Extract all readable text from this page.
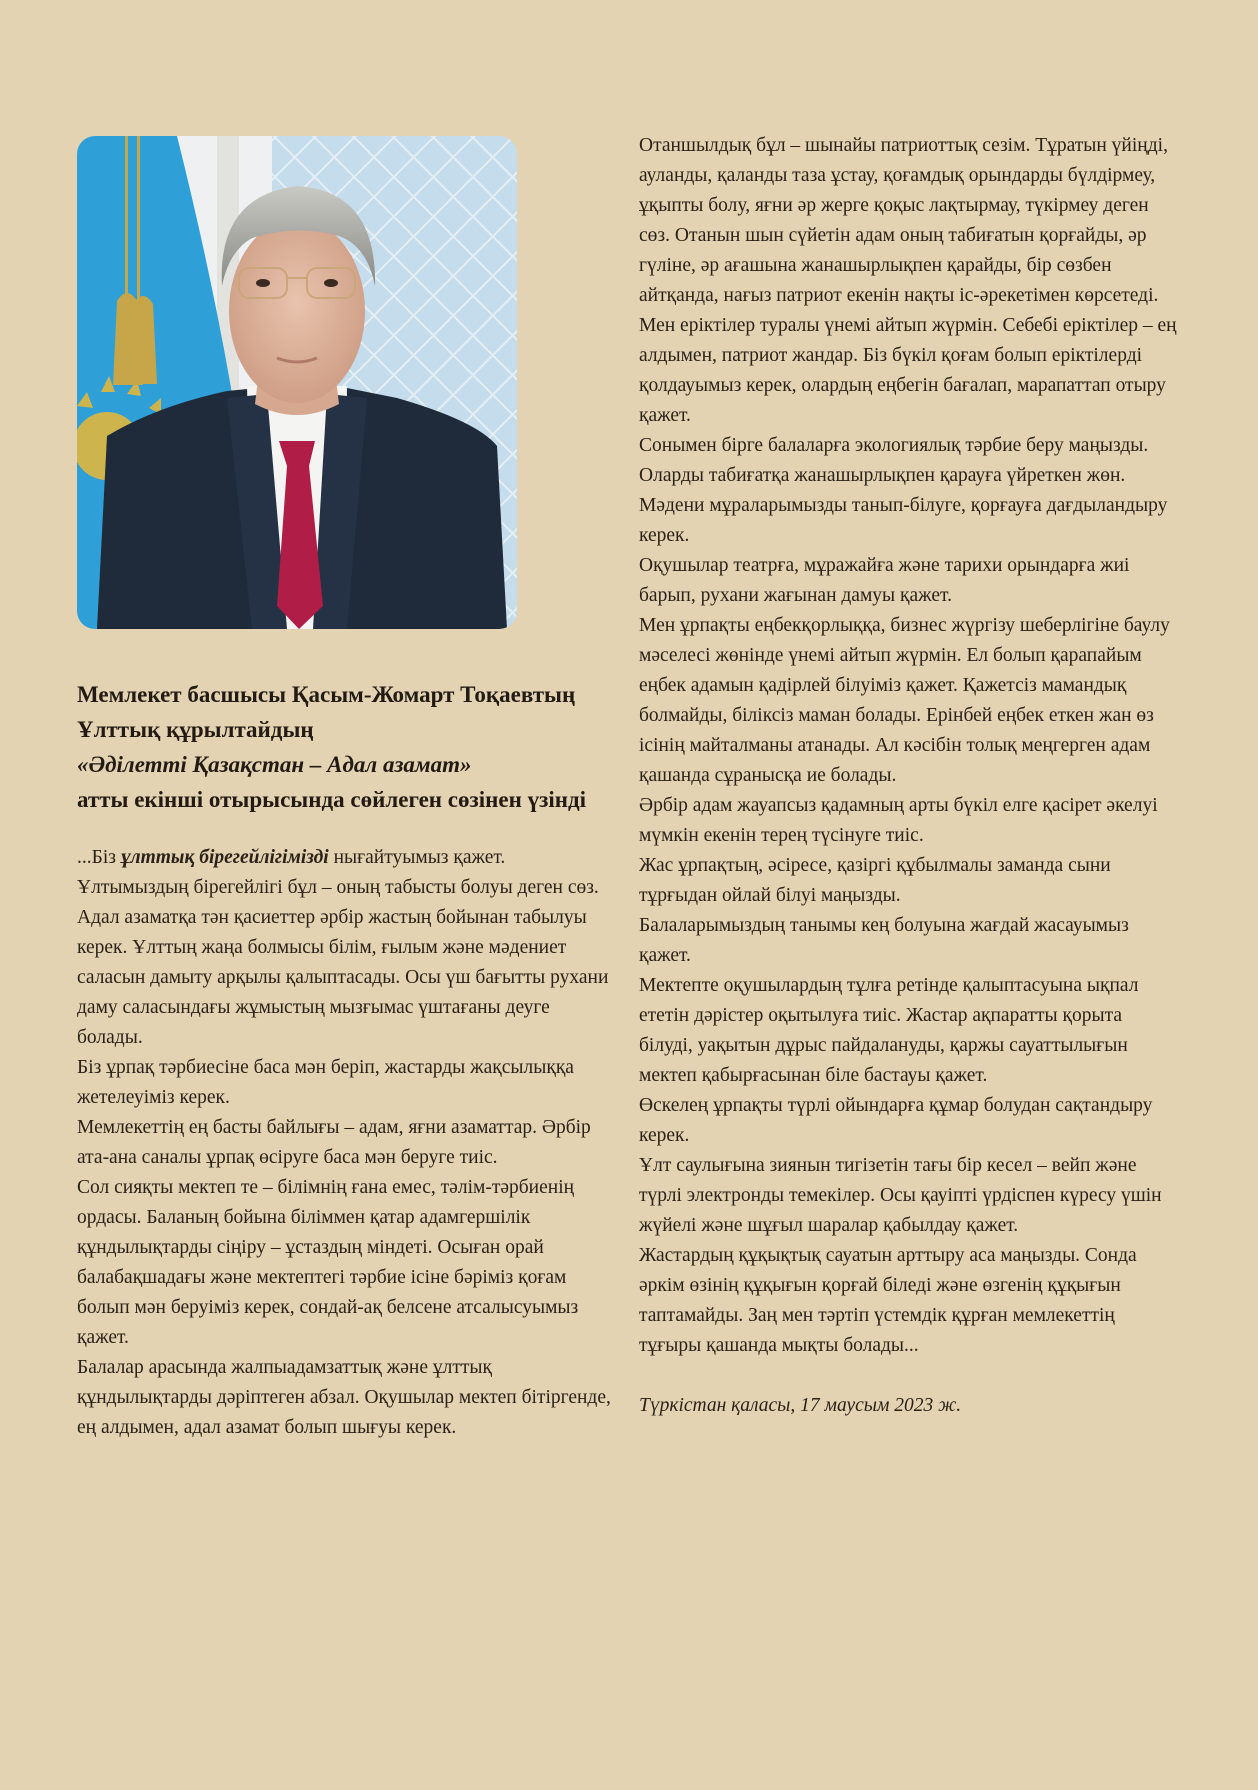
Мемлекет басшысы Қасым-Жомарт Тоқаевтың Ұлттық құрылтайдың
«Әділетті Қазақстан – Адал азамат»
атты екінші отырысында сөйлеген сөзінен үзінді

...Біз ұлттық бірегейлігімізді нығайтуымыз қажет. Ұлтымыздың бірегейлігі бұл – оның табысты болуы деген сөз.

Адал азаматқа тән қасиеттер әрбір жастың бойынан табылуы керек. Ұлттың жаңа болмысы білім, ғылым және мәдениет саласын дамыту арқылы қалыптасады. Осы үш бағытты рухани даму саласындағы жұмыстың мызғымас үштағаны деуге болады.

Біз ұрпақ тәрбиесіне баса мән беріп, жастарды жақсылыққа жетелеуіміз керек.

Мемлекеттің ең басты байлығы – адам, яғни азаматтар. Әрбір ата-ана саналы ұрпақ өсіруге баса мән беруге тиіс.

Сол сияқты мектеп те – білімнің ғана емес, тәлім-тәрбиенің ордасы. Баланың бойына біліммен қатар адамгершілік құндылықтарды сіңіру – ұстаздың міндеті. Осыған орай балабақшадағы және мектептегі тәрбие ісіне бәріміз қоғам болып мән беруіміз керек, сондай-ақ белсене атсалысуымыз қажет.

Балалар арасында жалпыадамзаттық және ұлттық құндылықтарды дәріптеген абзал. Оқушылар мектеп бітіргенде, ең алдымен, адал азамат болып шығуы керек.

Отаншылдық бұл – шынайы патриоттық сезім. Тұратын үйіңді, ауланды, қаланды таза ұстау, қоғамдық орындарды бүлдірмеу, ұқыпты болу, яғни әр жерге қоқыс лақтырмау, түкірмеу деген сөз. Отанын шын сүйетін адам оның табиғатын қорғайды, әр гүліне, әр ағашына жанашырлықпен қарайды, бір сөзбен айтқанда, нағыз патриот екенін нақты іс-әрекетімен көрсетеді.

Мен еріктілер туралы үнемі айтып жүрмін. Себебі еріктілер – ең алдымен, патриот жандар. Біз бүкіл қоғам болып еріктілерді қолдауымыз керек, олардың еңбегін бағалап, марапаттап отыру қажет.

Сонымен бірге балаларға экологиялық тәрбие беру маңызды. Оларды табиғатқа жанашырлықпен қарауға үйреткен жөн. Мәдени мұраларымызды танып-білуге, қорғауға дағдыландыру керек.

Оқушылар театрға, мұражайға және тарихи орындарға жиі барып, рухани жағынан дамуы қажет.

Мен ұрпақты еңбекқорлыққа, бизнес жүргізу шеберлігіне баулу мәселесі жөнінде үнемі айтып жүрмін. Ел болып қарапайым еңбек адамын қадірлей білуіміз қажет. Қажетсіз мамандық болмайды, біліксіз маман болады. Ерінбей еңбек еткен жан өз ісінің майталманы атанады. Ал кәсібін толық меңгерген адам қашанда сұранысқа ие болады.

Әрбір адам жауапсыз қадамның арты бүкіл елге қасірет әкелуі мүмкін екенін терең түсінуге тиіс.

Жас ұрпақтың, әсіресе, қазіргі құбылмалы заманда сыни тұрғыдан ойлай білуі маңызды.

Балаларымыздың танымы кең болуына жағдай жасауымыз қажет.

Мектепте оқушылардың тұлға ретінде қалыптасуына ықпал ететін дәрістер оқытылуға тиіс. Жастар ақпаратты қорыта білуді, уақытын дұрыс пайдалануды, қаржы сауаттылығын мектеп қабырғасынан біле бастауы қажет.

Өскелең ұрпақты түрлі ойындарға құмар болудан сақтандыру керек.

Ұлт саулығына зиянын тигізетін тағы бір кесел – вейп және түрлі электронды темекілер. Осы қауіпті үрдіспен күресу үшін жүйелі және шұғыл шаралар қабылдау қажет.

Жастардың құқықтық сауатын арттыру аса маңызды. Сонда әркім өзінің құқығын қорғай біледі және өзгенің құқығын таптамайды. Заң мен тәртіп үстемдік құрған мемлекеттің тұғыры қашанда мықты болады...

Түркістан қаласы, 17 маусым 2023 ж.
